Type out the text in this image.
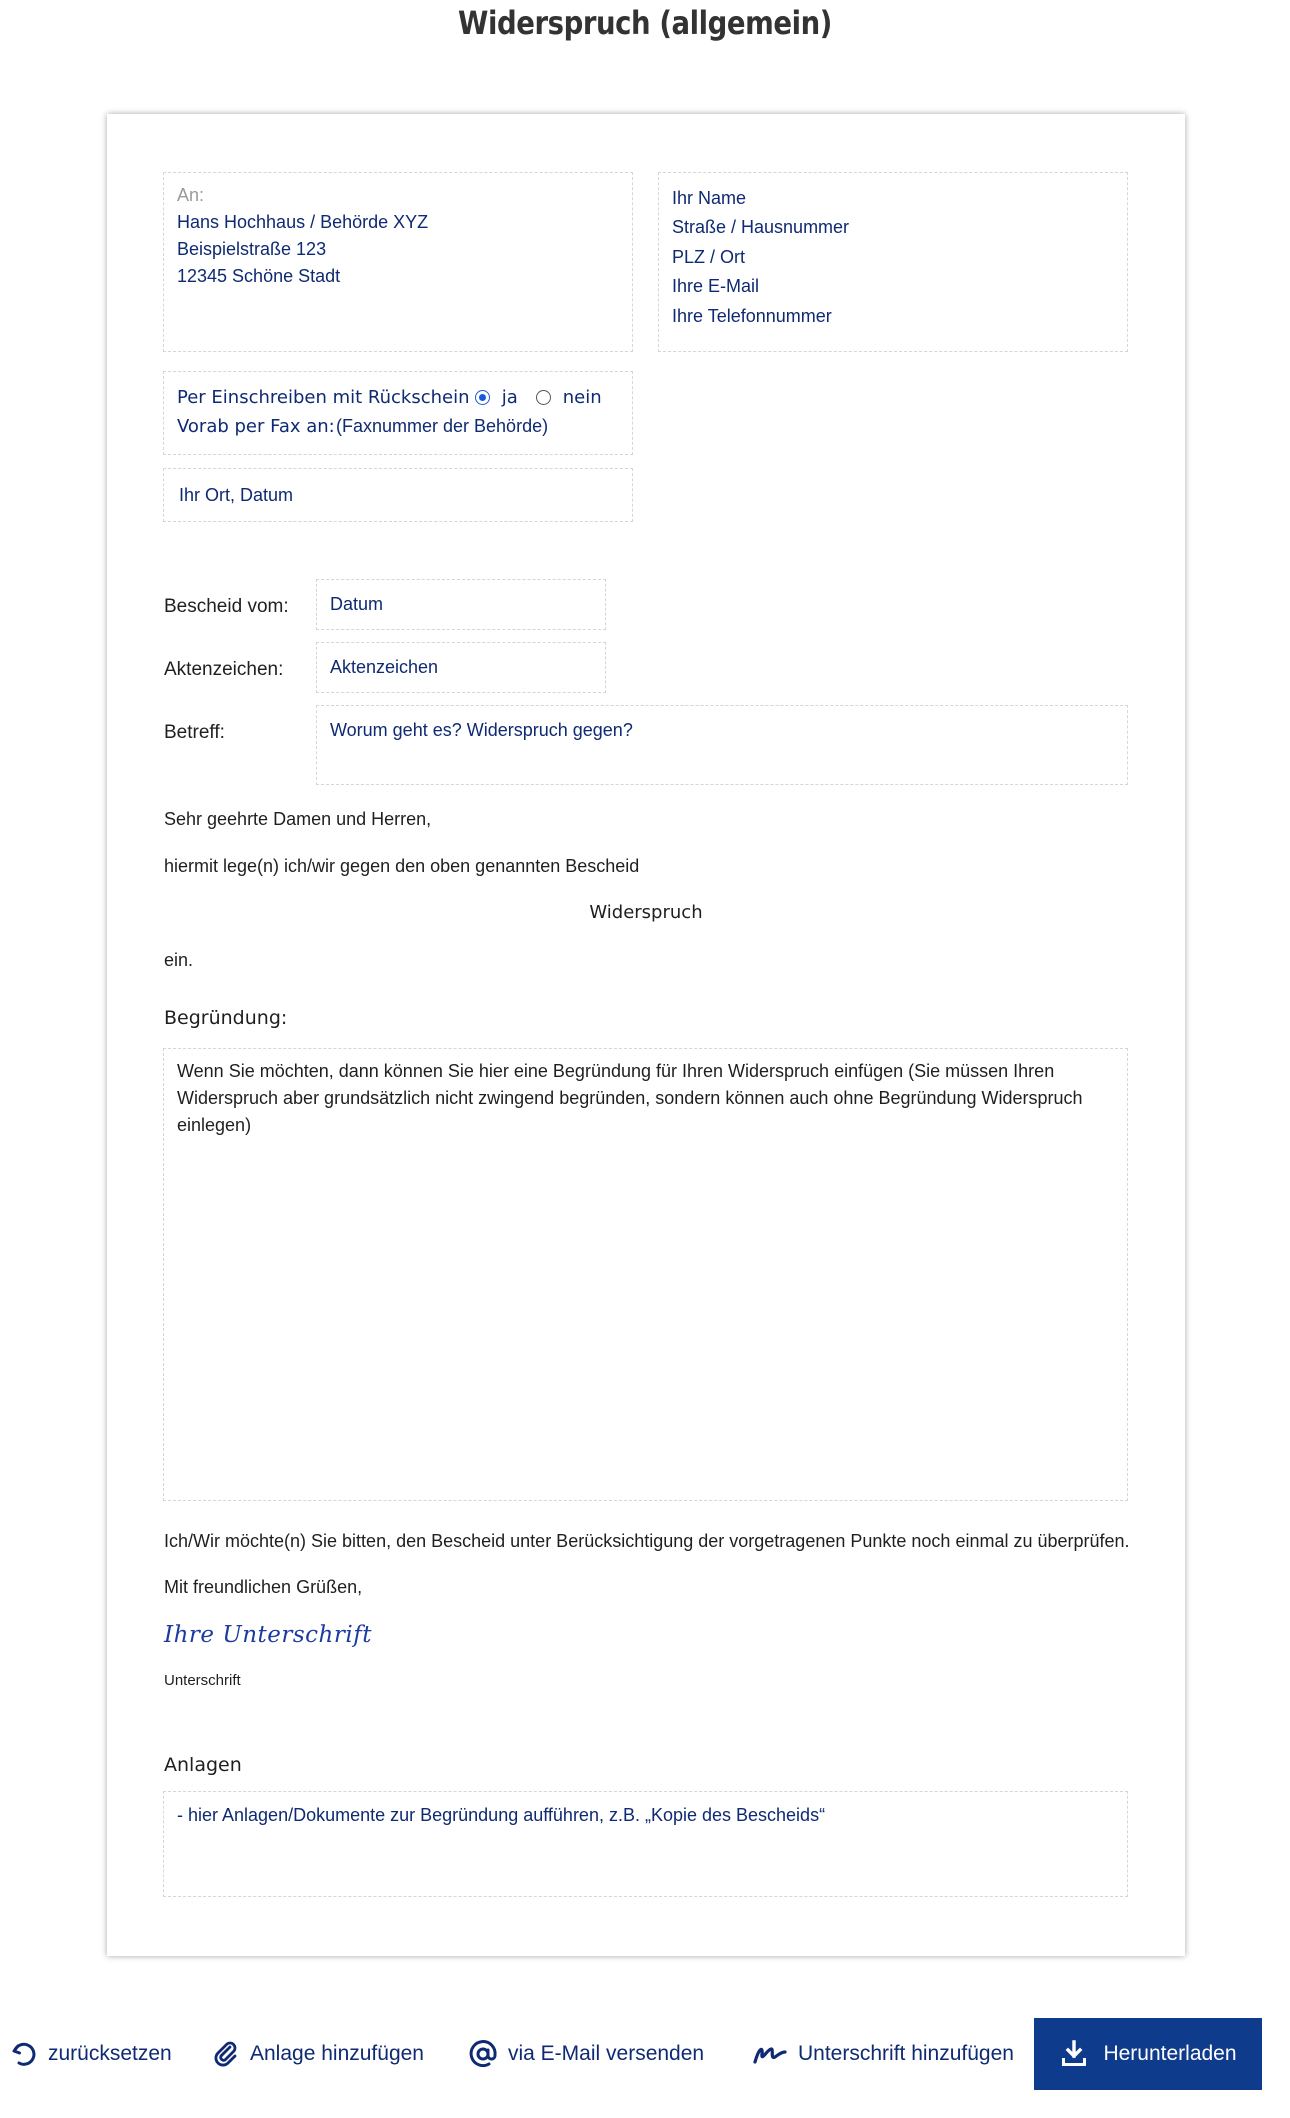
Widerspruch (allgemein)
An:
Hans Hochhaus / Behörde XYZ
Beispielstraße 123
12345 Schöne Stadt
Ihr Name
Straße / Hausnummer
PLZ / Ort
Ihre E-Mail
Ihre Telefonnummer
Per Einschreiben mit Rückschein	ja	nein
Vorab per Fax an: (Faxnummer der Behörde)
Ihr Ort, Datum
Bescheid vom: Datum
Aktenzeichen:	Aktenzeichen
Betreff:	Worum geht es? Widerspruch gegen?
Sehr geehrte Damen und Herren,
hiermit lege(n) ich/wir gegen den oben genannten Bescheid
Widerspruch
ein.
Begründung:
Wenn Sie möchten, dann können Sie hier eine Begründung für Ihren Widerspruch einfügen (Sie müssen Ihren
Widerspruch aber grundsätzlich nicht zwingend begründen, sondern können auch ohne Begründung Widerspruch
einlegen)
Ich/Wir möchte(n) Sie bitten, den Bescheid unter Berücksichtigung der vorgetragenen Punkte noch einmal zu überprüfen.
Mit freundlichen Grüßen,
Ihre Unterschrift
Unterschrift
Anlagen
- hier Anlagen/Dokumente zur Begründung aufführen, z.B. „Kopie des Bescheids“
zurücksetzen	Anlage hinzufügen	via E-Mail versenden	Unterschrift hinzufügen	Herunterladen
